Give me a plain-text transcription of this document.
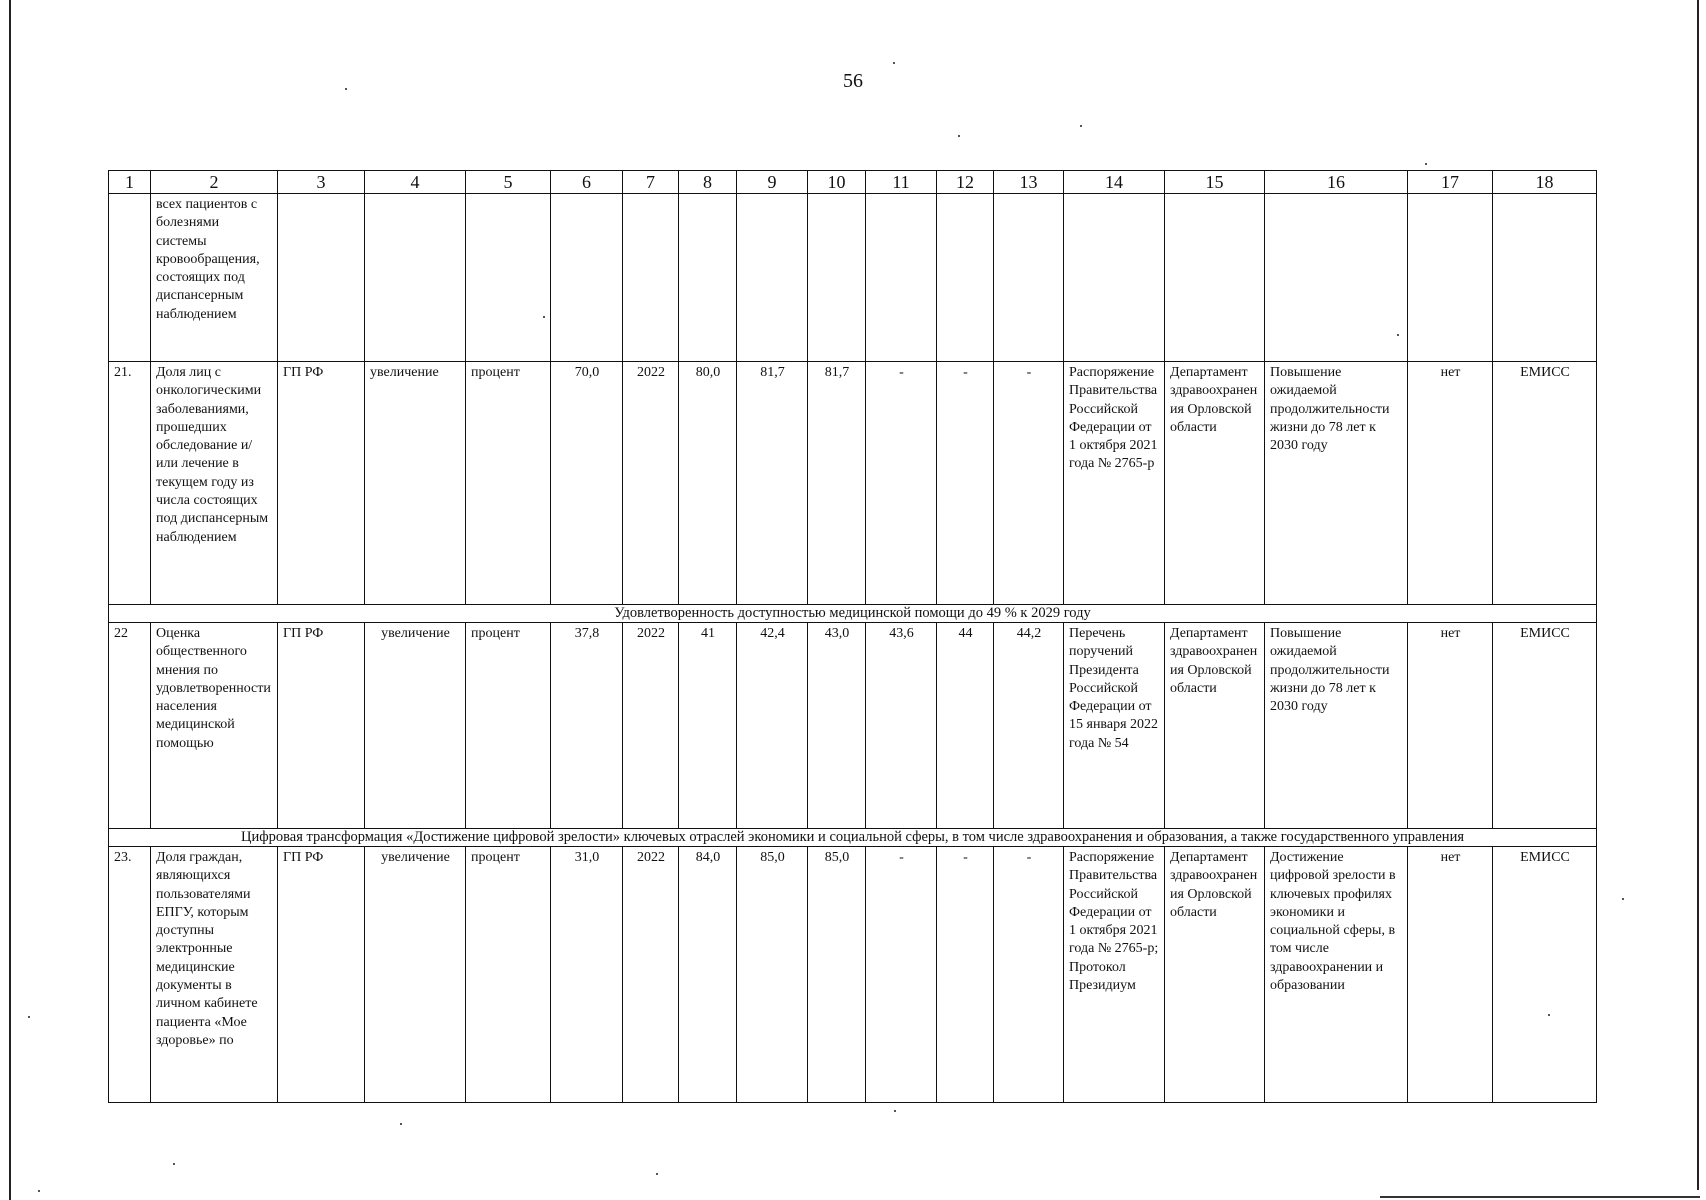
56
1	2	3	4	5	6	7	8	9	10	11	12	13	14	15	16	17	18
	всех пациентов с болезнями системы кровообращения, состоящих под диспансерным наблюдением																
21.	Доля лиц с онкологическими заболеваниями, прошедших обследование и/или лечение в текущем году из числа состоящих под диспансерным наблюдением	ГП РФ	увеличение	процент	70,0	2022	80,0	81,7	81,7	-	-	-	Распоряжение Правительства Российской Федерации от 1 октября 2021 года № 2765-р	Департамент здравоохранения Орловской области	Повышение ожидаемой продолжительности жизни до 78 лет к 2030 году	нет	ЕМИСС
Удовлетворенность доступностью медицинской помощи до 49 % к 2029 году																	
22	Оценка общественного мнения по удовлетворенности населения медицинской помощью	ГП РФ	увеличение	процент	37,8	2022	41	42,4	43,0	43,6	44	44,2	Перечень поручений Президента Российской Федерации от 15 января 2022 года № 54	Департамент здравоохранения Орловской области	Повышение ожидаемой продолжительности жизни до 78 лет к 2030 году	нет	ЕМИСС
Цифровая трансформация «Достижение цифровой зрелости» ключевых отраслей экономики и социальной сферы, в том числе здравоохранения и образования, а также государственного управления																	
23.	Доля граждан, являющихся пользователями ЕПГУ, которым доступны электронные медицинские документы в личном кабинете пациента «Мое здоровье» по	ГП РФ	увеличение	процент	31,0	2022	84,0	85,0	85,0	-	-	-	Распоряжение Правительства Российской Федерации от 1 октября 2021 года № 2765-р; Протокол Президиум	Департамент здравоохранения Орловской области	Достижение цифровой зрелости в ключевых профилях экономики и социальной сферы, в том числе здравоохранении и образовании	нет	ЕМИСС
